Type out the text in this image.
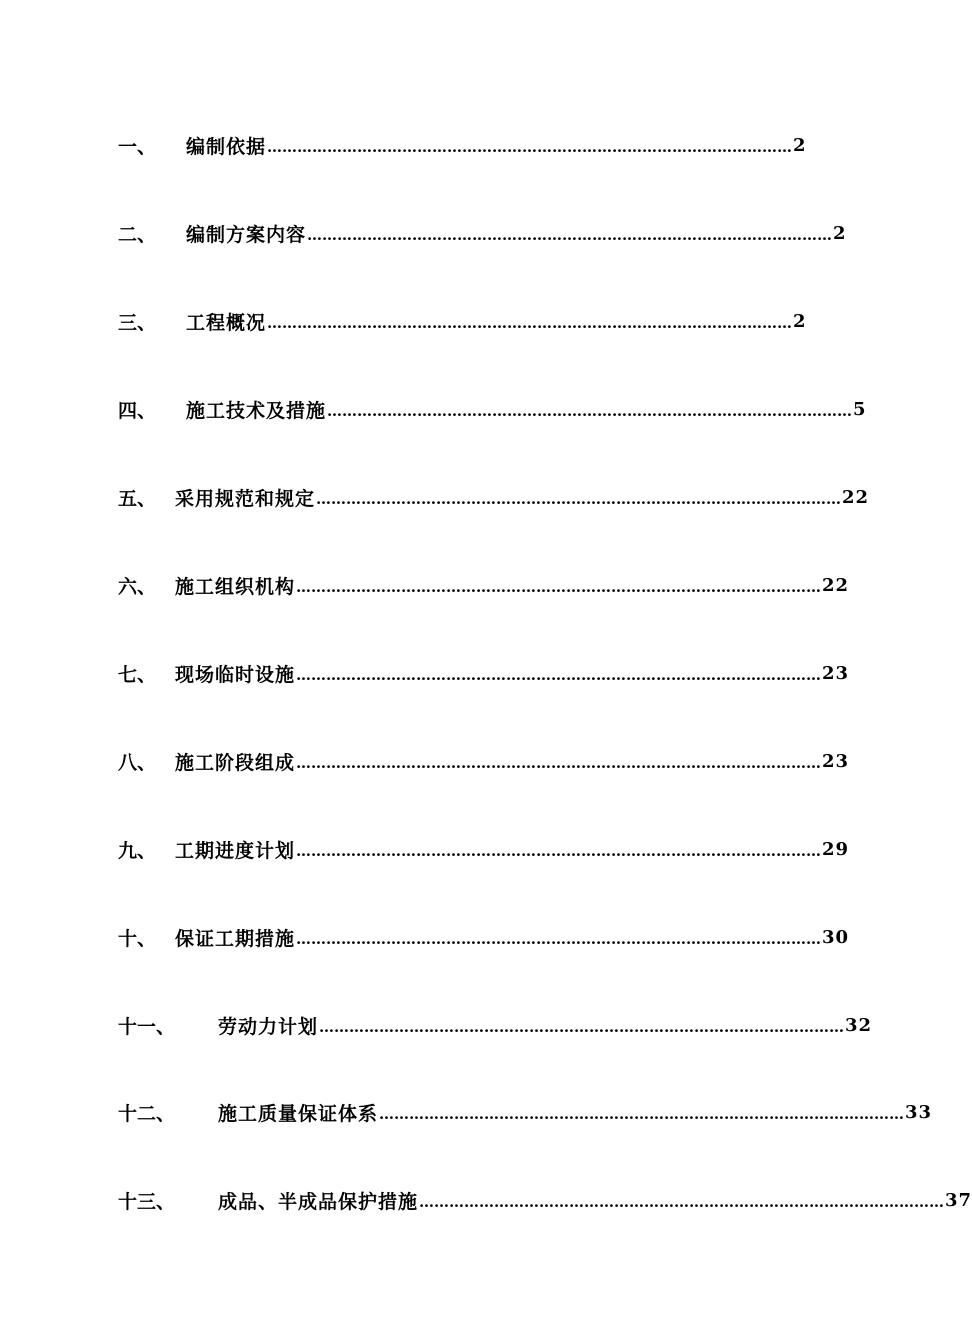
一、	编制依据 …………………………………………………………………………………………… 2
二、	编制方案内容 …………………………………………………………………………………………… 2
三、	工程概况 …………………………………………………………………………………………… 2
四、	施工技术及措施 …………………………………………………………………………………………… 5
五、 采用规范和规定 …………………………………………………………………………………………… 22
六、 施工组织机构 …………………………………………………………………………………………… 22
七、 现场临时设施 …………………………………………………………………………………………… 23
八、 施工阶段组成 …………………………………………………………………………………………… 23
九、 工期进度计划 …………………………………………………………………………………………… 29
十、 保证工期措施 …………………………………………………………………………………………… 30
十一、	劳动力计划 …………………………………………………………………………………………… 32
十二、	施工质量保证体系 …………………………………………………………………………………………… 33
十三、	成品、半成品保护措施 …………………………………………………………………………………………… 37
